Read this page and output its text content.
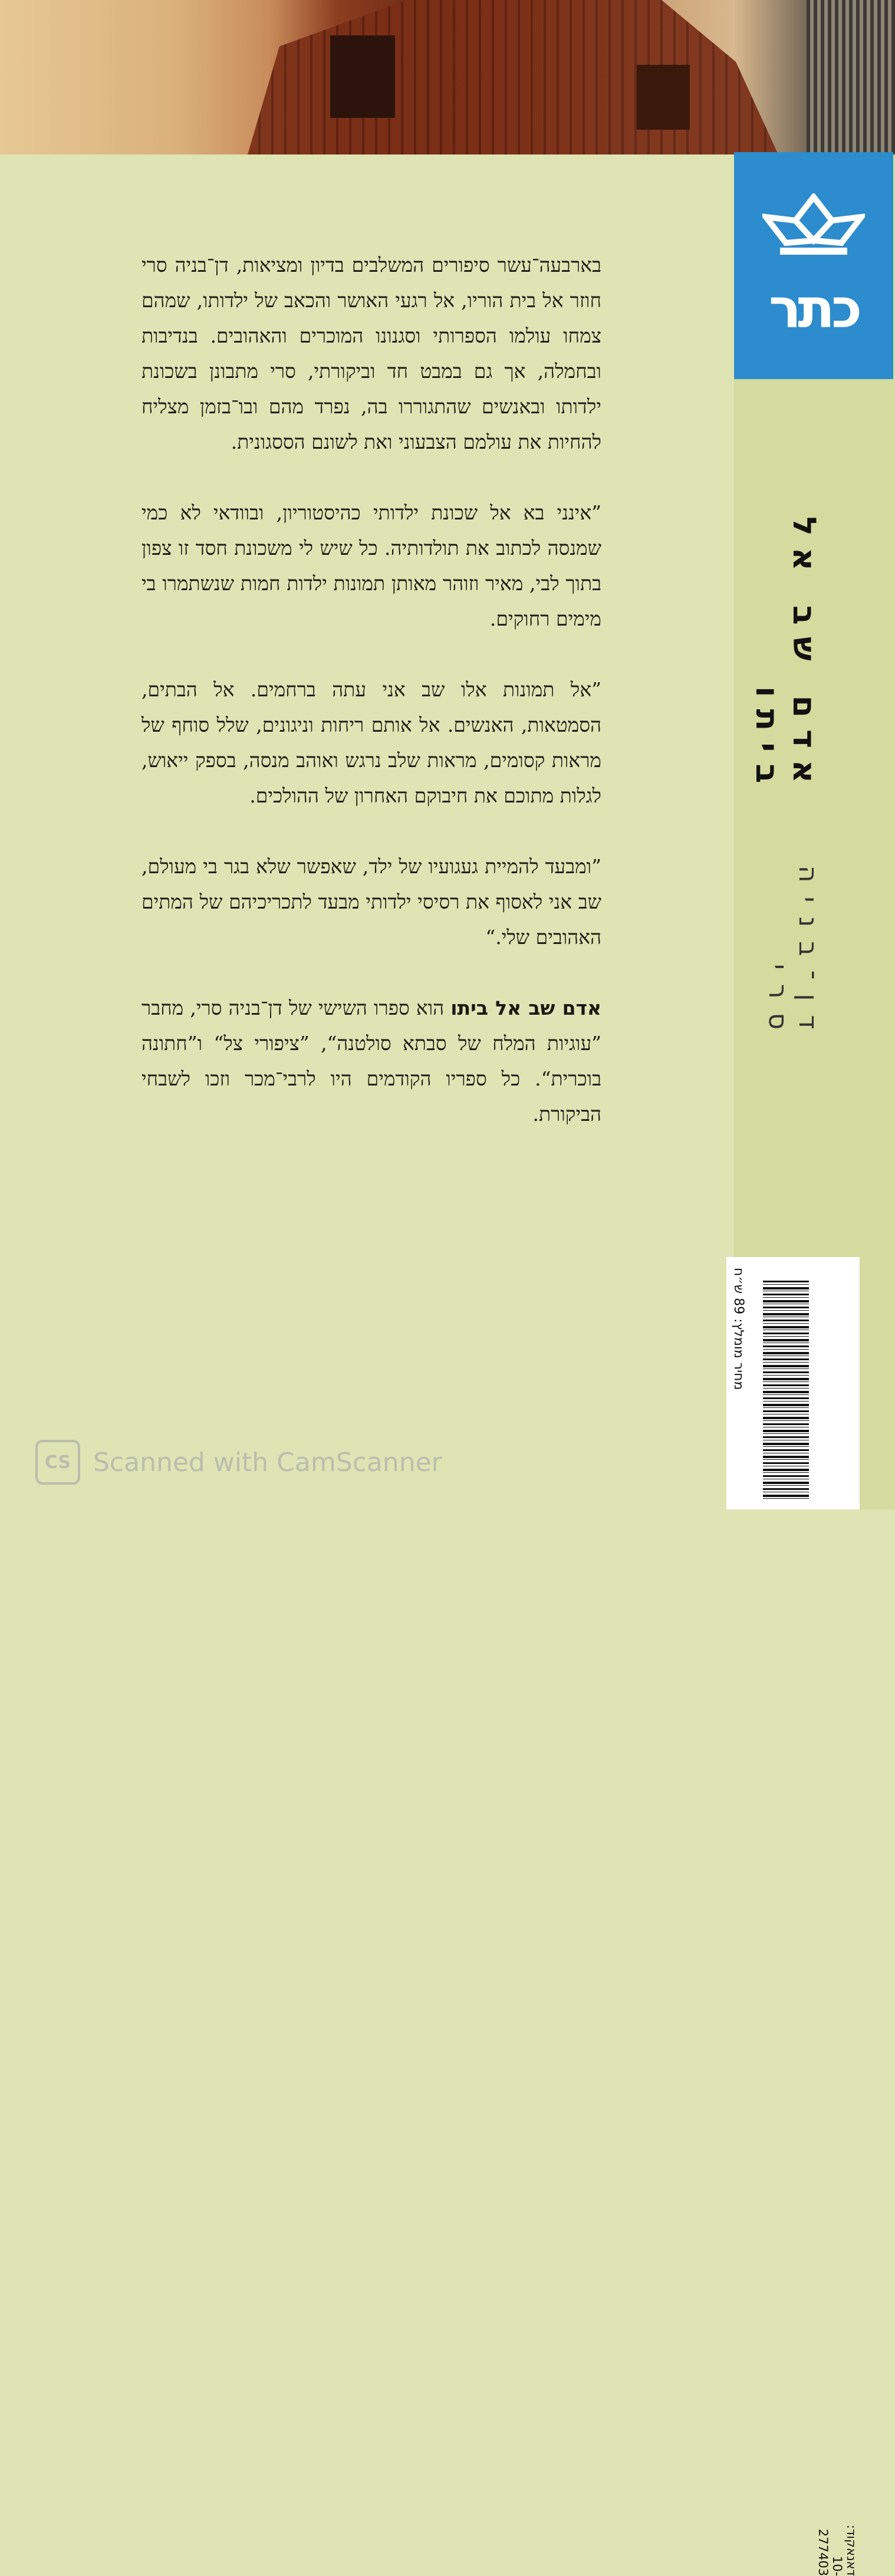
כתר
דן־בניה סרי
אדם שב אל ביתו

בארבעה־עשר סיפורים המשלבים בדיון ומציאות, דן־בניה סרי חוזר אל בית הוריו, אל רגעי האושר והכאב של ילדותו, שמהם צמחו עולמו הספרותי וסגנונו המוכרים והאהובים. בנדיבות ובחמלה, אך גם במבט חד וביקורתי, סרי מתבונן בשכונת ילדותו ובאנשים שהתגוררו בה, נפרד מהם ובו־בזמן מצליח להחיות את עולמם הצבעוני ואת לשונם הססגונית.

”אינני בא אל שכונת ילדותי כהיסטוריון, ובוודאי לא כמי שמנסה לכתוב את תולדותיה. כל שיש לי משכונת חסד זו צפון בתוך לבי, מאיר וזוהר מאותן תמונות ילדות חמות שנשתמרו בי מימים רחוקים.

”אל תמונות אלו שב אני עתה ברחמים. אל הבתים, הסמטאות, האנשים. אל אותם ריחות וניגונים, שלל סוחף של מראות קסומים, מראות שלב נרגש ואוהב מנסה, בספק ייאוש, לגלות מתוכם את חיבוקם האחרון של ההולכים.

”ומבעד להמיית געגועיו של ילד, שאפשר שלא בגר בי מעולם, שב אני לאסוף את רסיסי ילדותי מבעד לתכריכיהם של המתים האהובים שלי.“

אדם שב אל ביתו הוא ספרו השישי של דן־בניה סרי, מחבר ”עוגיות המלח של סבתא סולטנה“, ”ציפורי צל“ ו”חתונה בוכרית“. כל ספריו הקודמים היו לרבי־מכר וזכו לשבחי הביקורת.

דאנאקוד: 10-277403
מחיר מומלץ: 89 ש״ח
CS Scanned with CamScanner
